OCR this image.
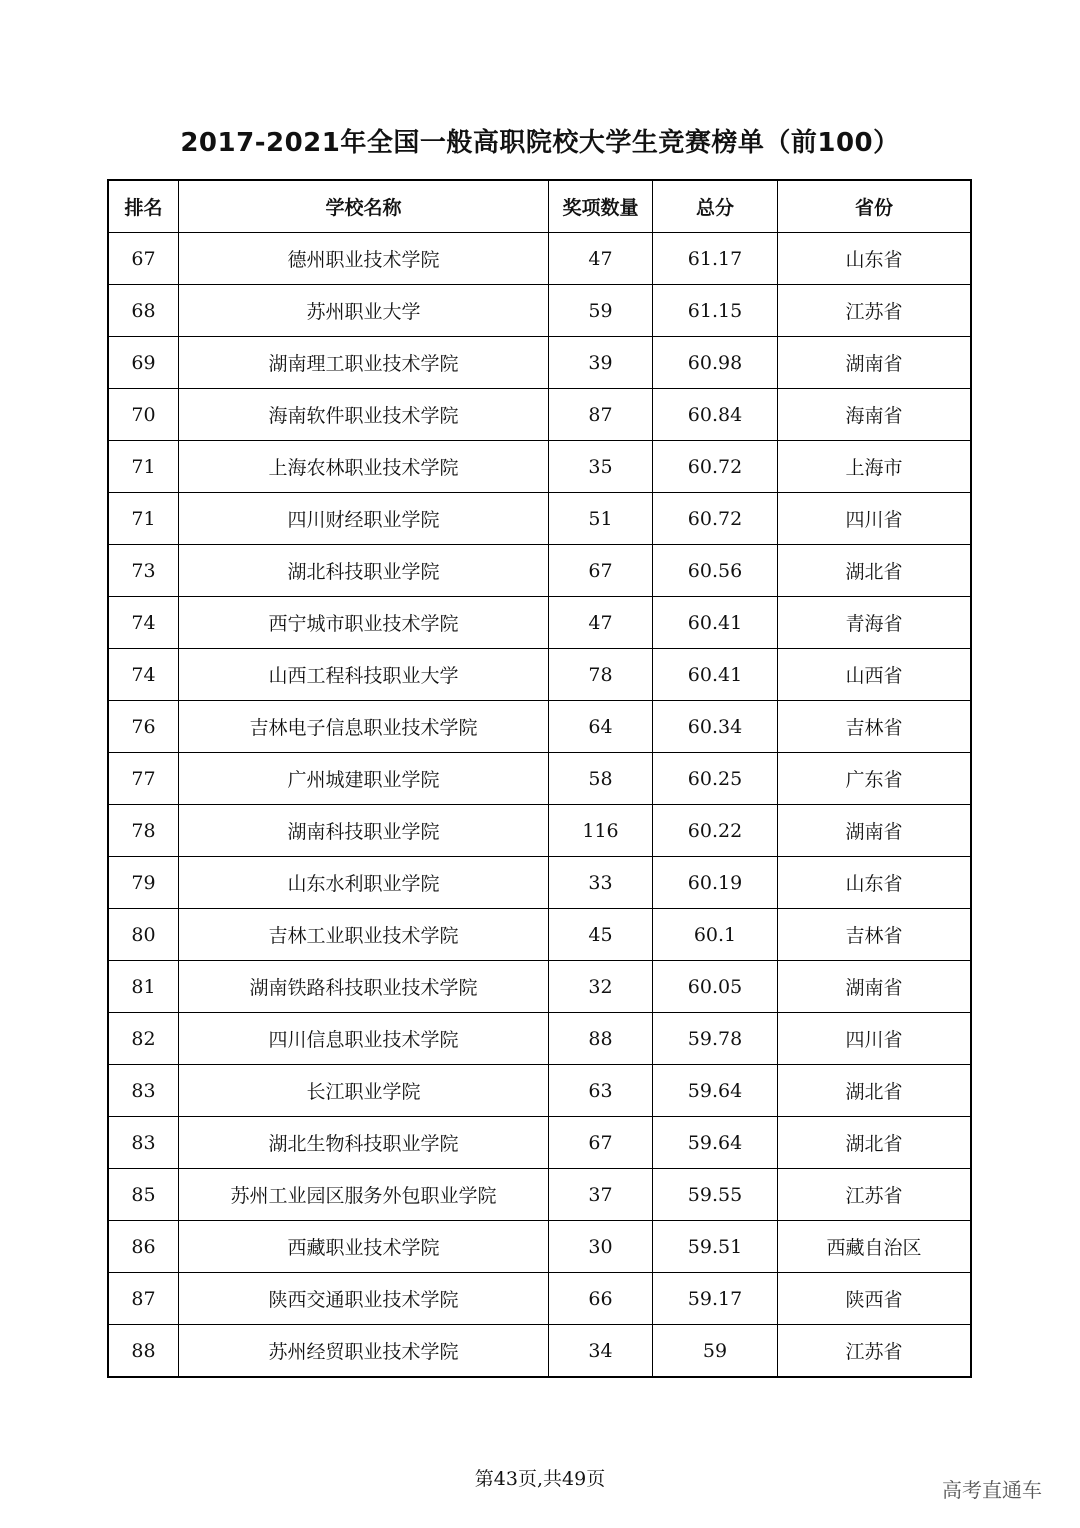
2017-2021年全国一般高职院校大学生竞赛榜单（前100）
排名	学校名称	奖项数量	总分	省份
67	德州职业技术学院	47	61.17	山东省
68	苏州职业大学	59	61.15	江苏省
69	湖南理工职业技术学院	39	60.98	湖南省
70	海南软件职业技术学院	87	60.84	海南省
71	上海农林职业技术学院	35	60.72	上海市
71	四川财经职业学院	51	60.72	四川省
73	湖北科技职业学院	67	60.56	湖北省
74	西宁城市职业技术学院	47	60.41	青海省
74	山西工程科技职业大学	78	60.41	山西省
76	吉林电子信息职业技术学院	64	60.34	吉林省
77	广州城建职业学院	58	60.25	广东省
78	湖南科技职业学院	116	60.22	湖南省
79	山东水利职业学院	33	60.19	山东省
80	吉林工业职业技术学院	45	60.1	吉林省
81	湖南铁路科技职业技术学院	32	60.05	湖南省
82	四川信息职业技术学院	88	59.78	四川省
83	长江职业学院	63	59.64	湖北省
83	湖北生物科技职业学院	67	59.64	湖北省
85	苏州工业园区服务外包职业学院	37	59.55	江苏省
86	西藏职业技术学院	30	59.51	西藏自治区
87	陕西交通职业技术学院	66	59.17	陕西省
88	苏州经贸职业技术学院	34	59	江苏省
第43页,共49页	高考直通车
